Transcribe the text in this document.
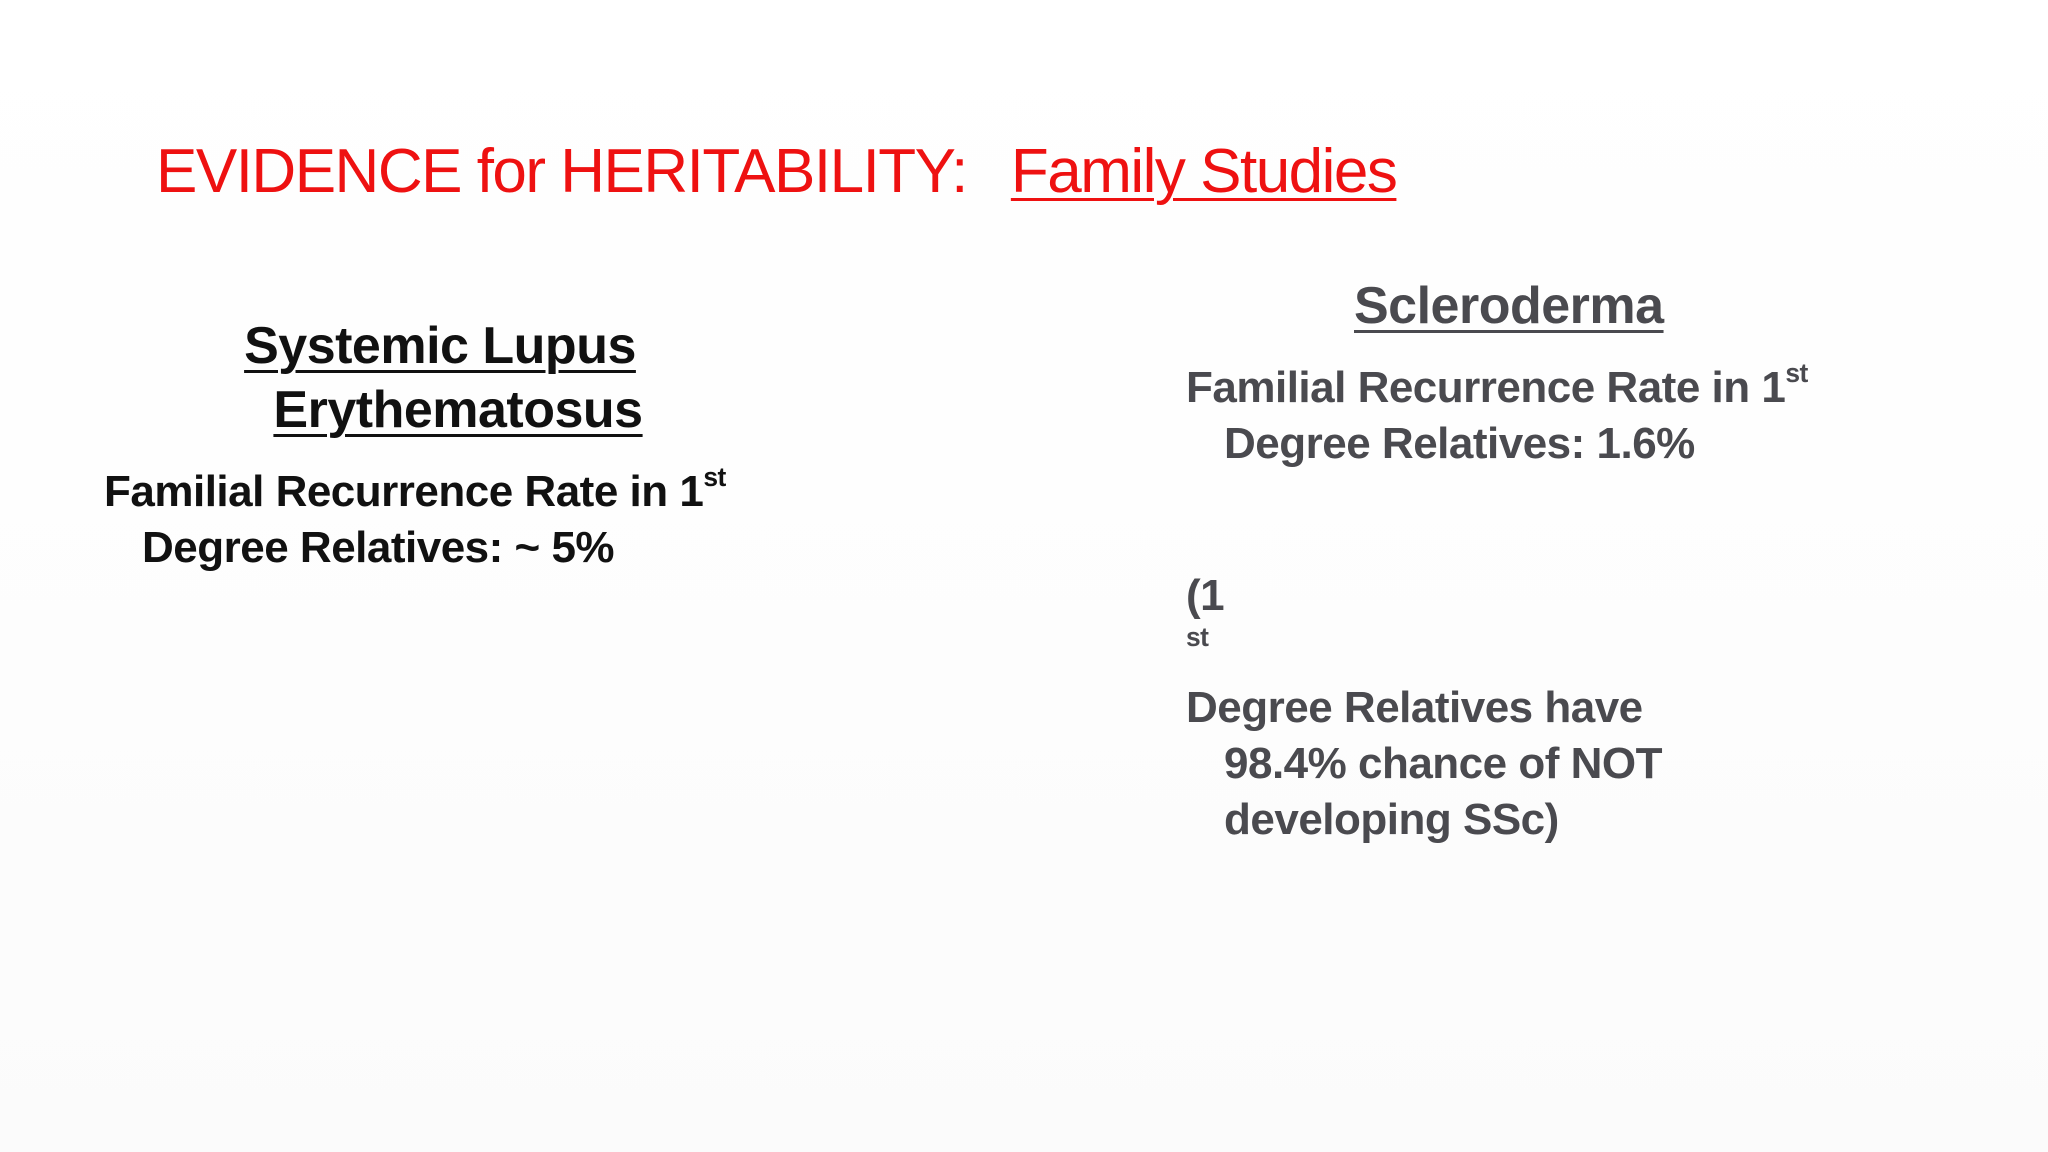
EVIDENCE for HERITABILITY: Family Studies
Systemic Lupus
Erythematosus
Familial Recurrence Rate in 1st
Degree Relatives: ~ 5%
Scleroderma
Familial Recurrence Rate in 1st
Degree Relatives: 1.6%
(1
$^{st}$
Degree Relatives have
98.4% chance of NOT
developing SSc)
